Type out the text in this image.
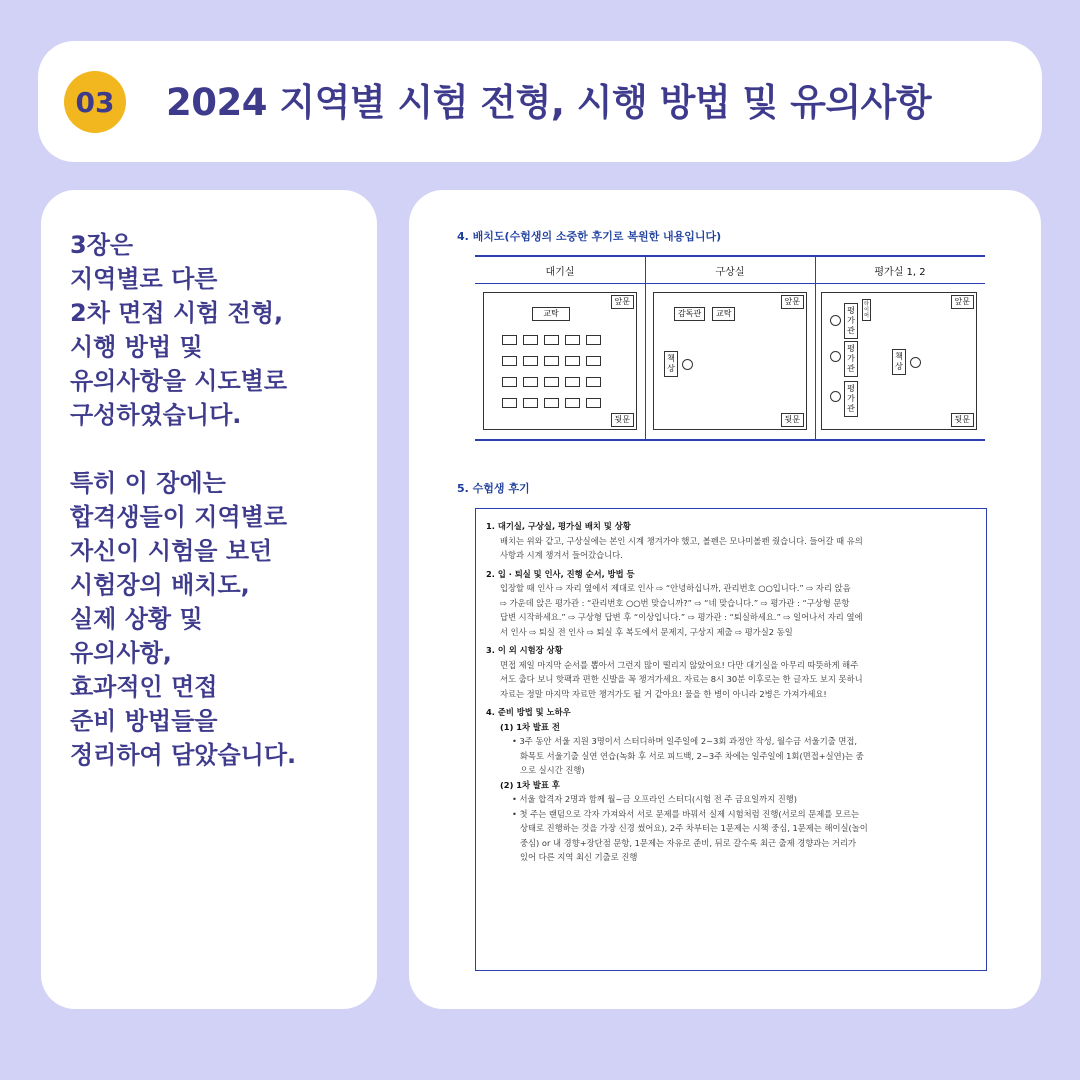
03	2024 지역별 시험 전형, 시행 방법 및 유의사항
3장은
지역별로 다른
2차 면접 시험 전형,
시행 방법 및
유의사항을 시도별로
구성하였습니다.
특히 이 장에는
합격생들이 지역별로
자신이 시험을 보던
시험장의 배치도,
실제 상황 및
유의사항,
효과적인 면접
준비 방법들을
정리하여 담았습니다.
4. 배치도(수험생의 소중한 후기로 복원한 내용입니다)
대기실	구상실	평가실 1, 2
앞문
뒷문
교탁
앞문
뒷문
감독관	교탁
책상
앞문
뒷문
평가관
타이머
평가관
평가관
책상
5. 수험생 후기
1. 대기실, 구상실, 평가실 배치 및 상황
배치는 위와 같고, 구상실에는 본인 시계 챙겨가야 했고, 볼펜은 모나미볼펜 줬습니다. 들어갈 때 유의
사항과 시계 챙겨서 들어갔습니다.
2. 입 · 퇴실 및 인사, 진행 순서, 방법 등
입장할 때 인사 ⇨ 자리 옆에서 제대로 인사 ⇨ “안녕하십니까, 관리번호 ○○입니다.” ⇨ 자리 앉음
⇨ 가운데 앉은 평가관 : “관리번호 ○○번 맞습니까?” ⇨ “네 맞습니다.” ⇨ 평가관 : “구상형 문항
답변 시작하세요.” ⇨ 구상형 답변 후 “이상입니다.” ⇨ 평가관 : “퇴실하세요.” ⇨ 일어나서 자리 옆에
서 인사 ⇨ 퇴실 전 인사 ⇨ 퇴실 후 복도에서 문제지, 구상지 제출 ⇨ 평가실2 동일
3. 이 외 시험장 상황
면접 제일 마지막 순서를 뽑아서 그런지 많이 떨리지 않았어요! 다만 대기실을 아무리 따뜻하게 해주
셔도 춥다 보니 핫팩과 편한 신발을 꼭 챙겨가세요. 자료는 8시 30분 이후로는 한 글자도 보지 못하니
자료는 정말 마지막 자료만 챙겨가도 될 거 같아요! 물을 한 병이 아니라 2병은 가져가세요!
4. 준비 방법 및 노하우
(1) 1차 발표 전
• 3주 동안 서울 지원 3명이서 스터디하며 일주일에 2~3회 과정안 작성, 월수금 서울기출 면접,
화목토 서울기출 실연 연습(녹화 후 서로 피드백, 2~3주 차에는 일주일에 1회(면접+실연)는 줌
으로 실시간 진행)
(2) 1차 발표 후
• 서울 합격자 2명과 함께 월~금 오프라인 스터디(시험 전 주 금요일까지 진행)
• 첫 주는 랜덤으로 각자 가져와서 서로 문제를 바꿔서 실제 시험처럼 진행(서로의 문제를 모르는
상태로 진행하는 것을 가장 신경 썼어요), 2주 차부터는 1문제는 시책 중심, 1문제는 해이실(놀이
중심) or 내 경향+장단점 문항, 1문제는 자유로 준비, 뒤로 갈수록 최근 출제 경향과는 거리가
있어 다른 지역 최신 기출로 진행
